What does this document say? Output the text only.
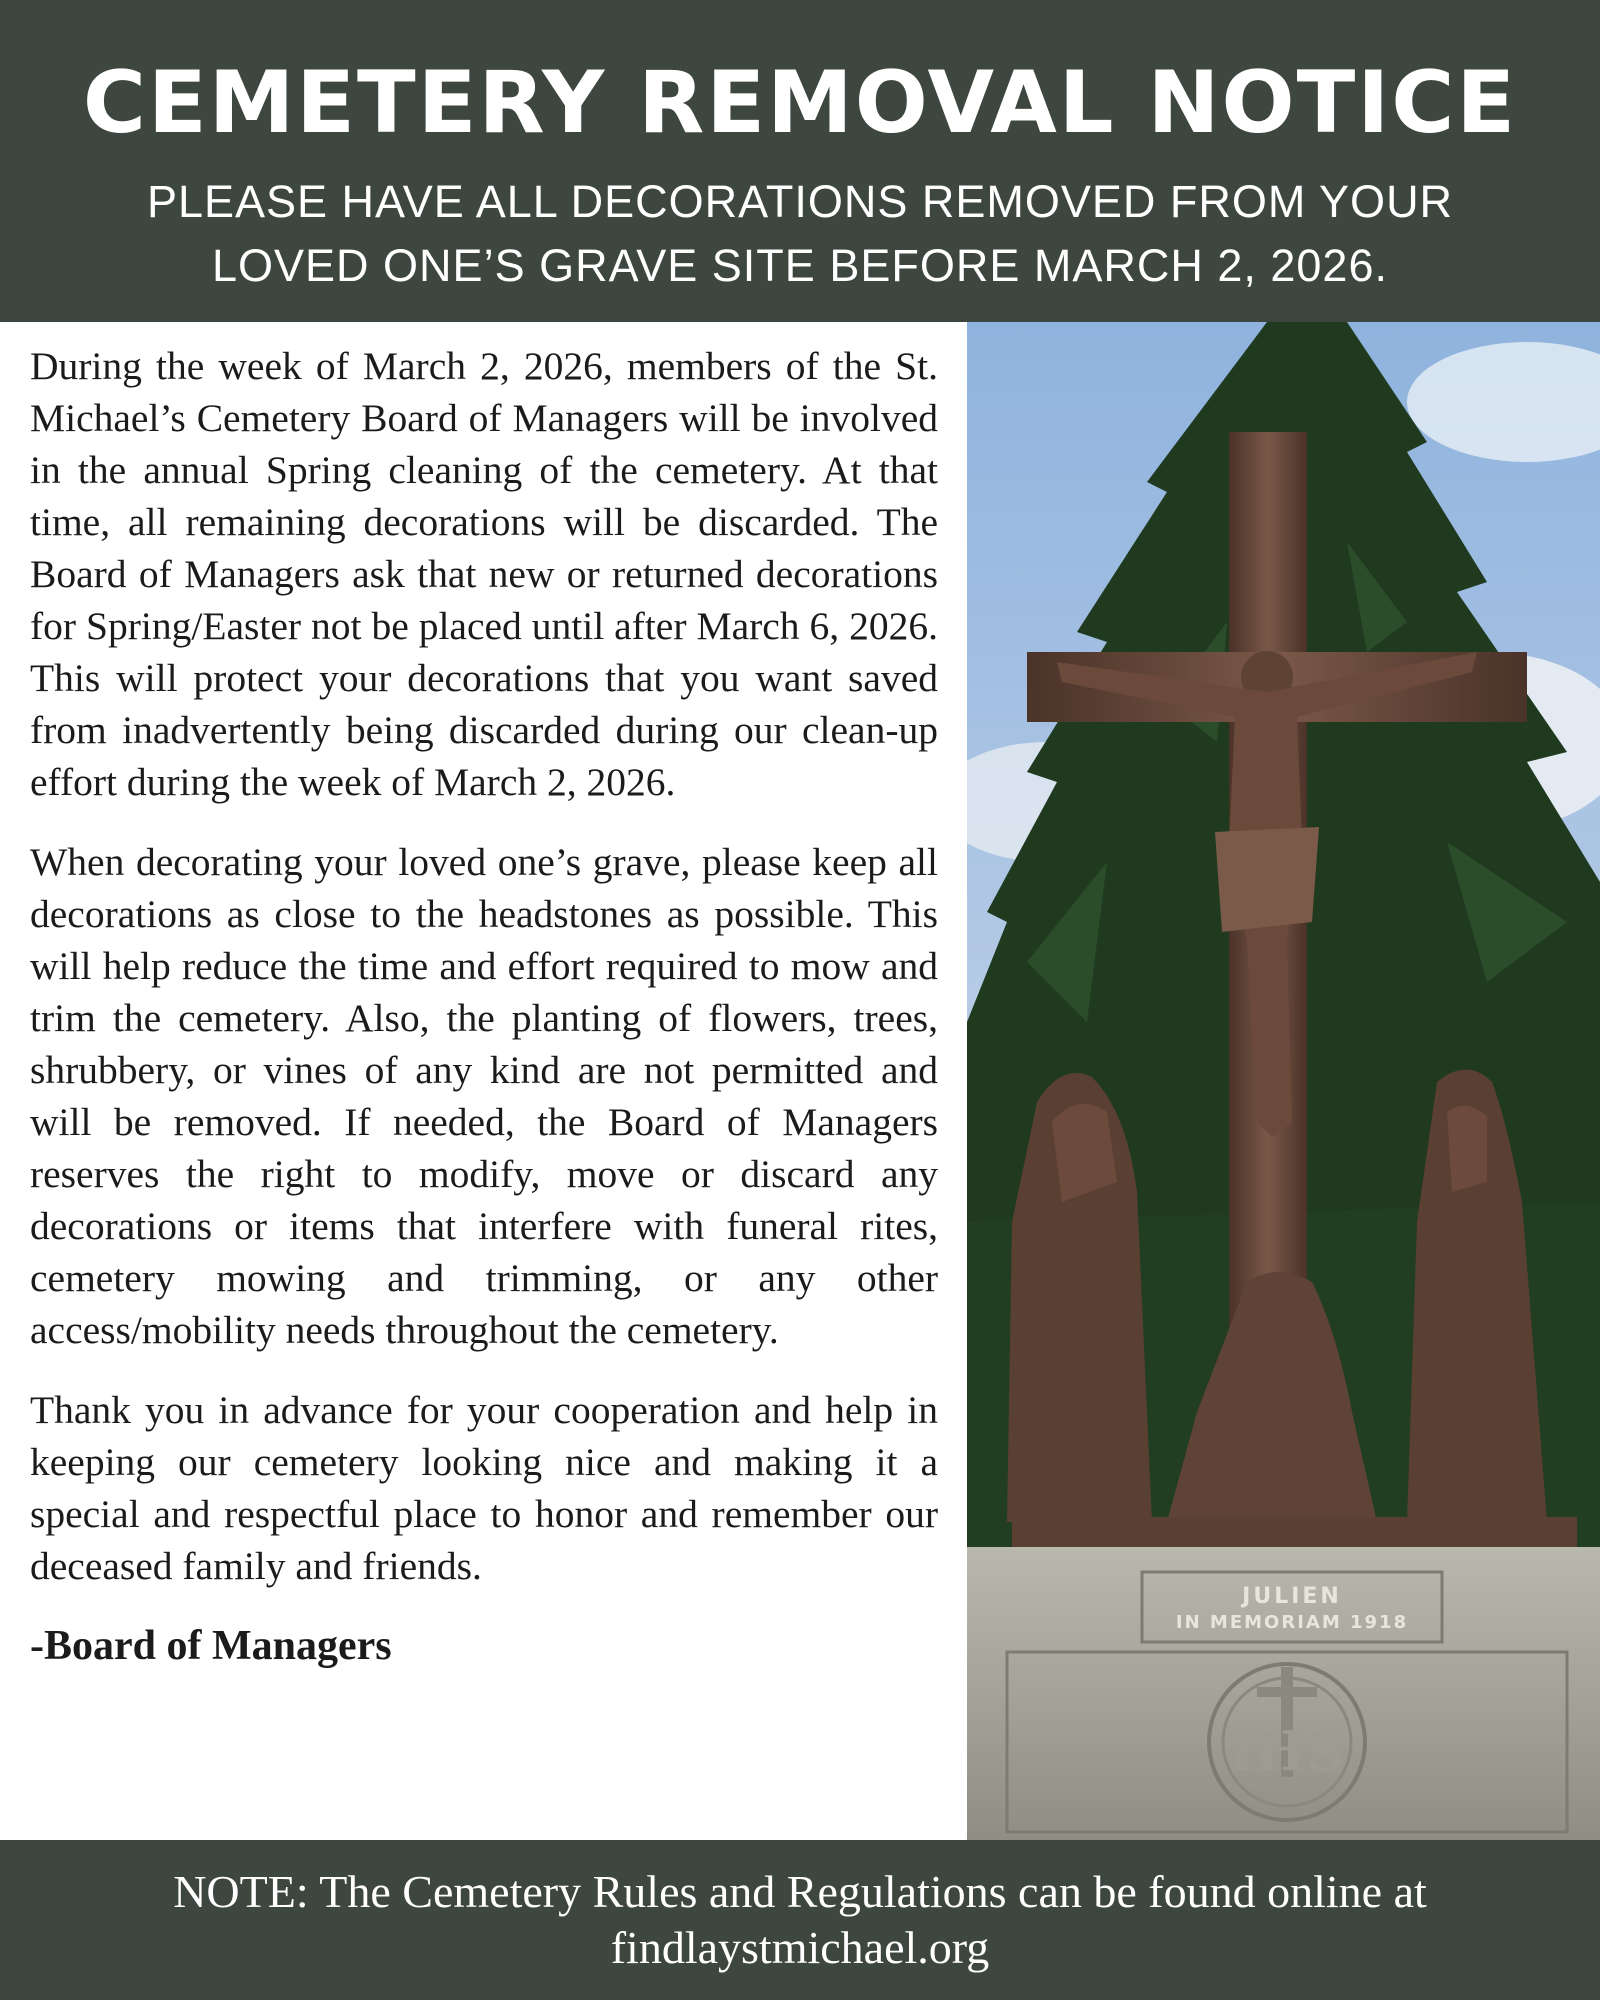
CEMETERY REMOVAL NOTICE
PLEASE HAVE ALL DECORATIONS REMOVED FROM YOUR
LOVED ONE’S GRAVE SITE BEFORE MARCH 2, 2026.

During the week of March 2, 2026, members of the St. Michael’s Cemetery Board of Managers will be involved in the annual Spring cleaning of the cemetery. At that time, all remaining decorations will be discarded. The Board of Managers ask that new or returned decorations for Spring/Easter not be placed until after March 6, 2026. This will protect your decorations that you want saved from inadvertently being discarded during our clean-up effort during the week of March 2, 2026.

When decorating your loved one’s grave, please keep all decorations as close to the headstones as possible. This will help reduce the time and effort required to mow and trim the cemetery. Also, the planting of flowers, trees, shrubbery, or vines of any kind are not permitted and will be removed. If needed, the Board of Managers reserves the right to modify, move or discard any decorations or items that interfere with funeral rites, cemetery mowing and trimming, or any other access/mobility needs throughout the cemetery.

Thank you in advance for your cooperation and help in keeping our cemetery looking nice and making it a special and respectful place to honor and remember our deceased family and friends.

-Board of Managers
JULIEN
IN MEMORIAM 1918
IHS
NOTE: The Cemetery Rules and Regulations can be found online at
findlaystmichael.org
